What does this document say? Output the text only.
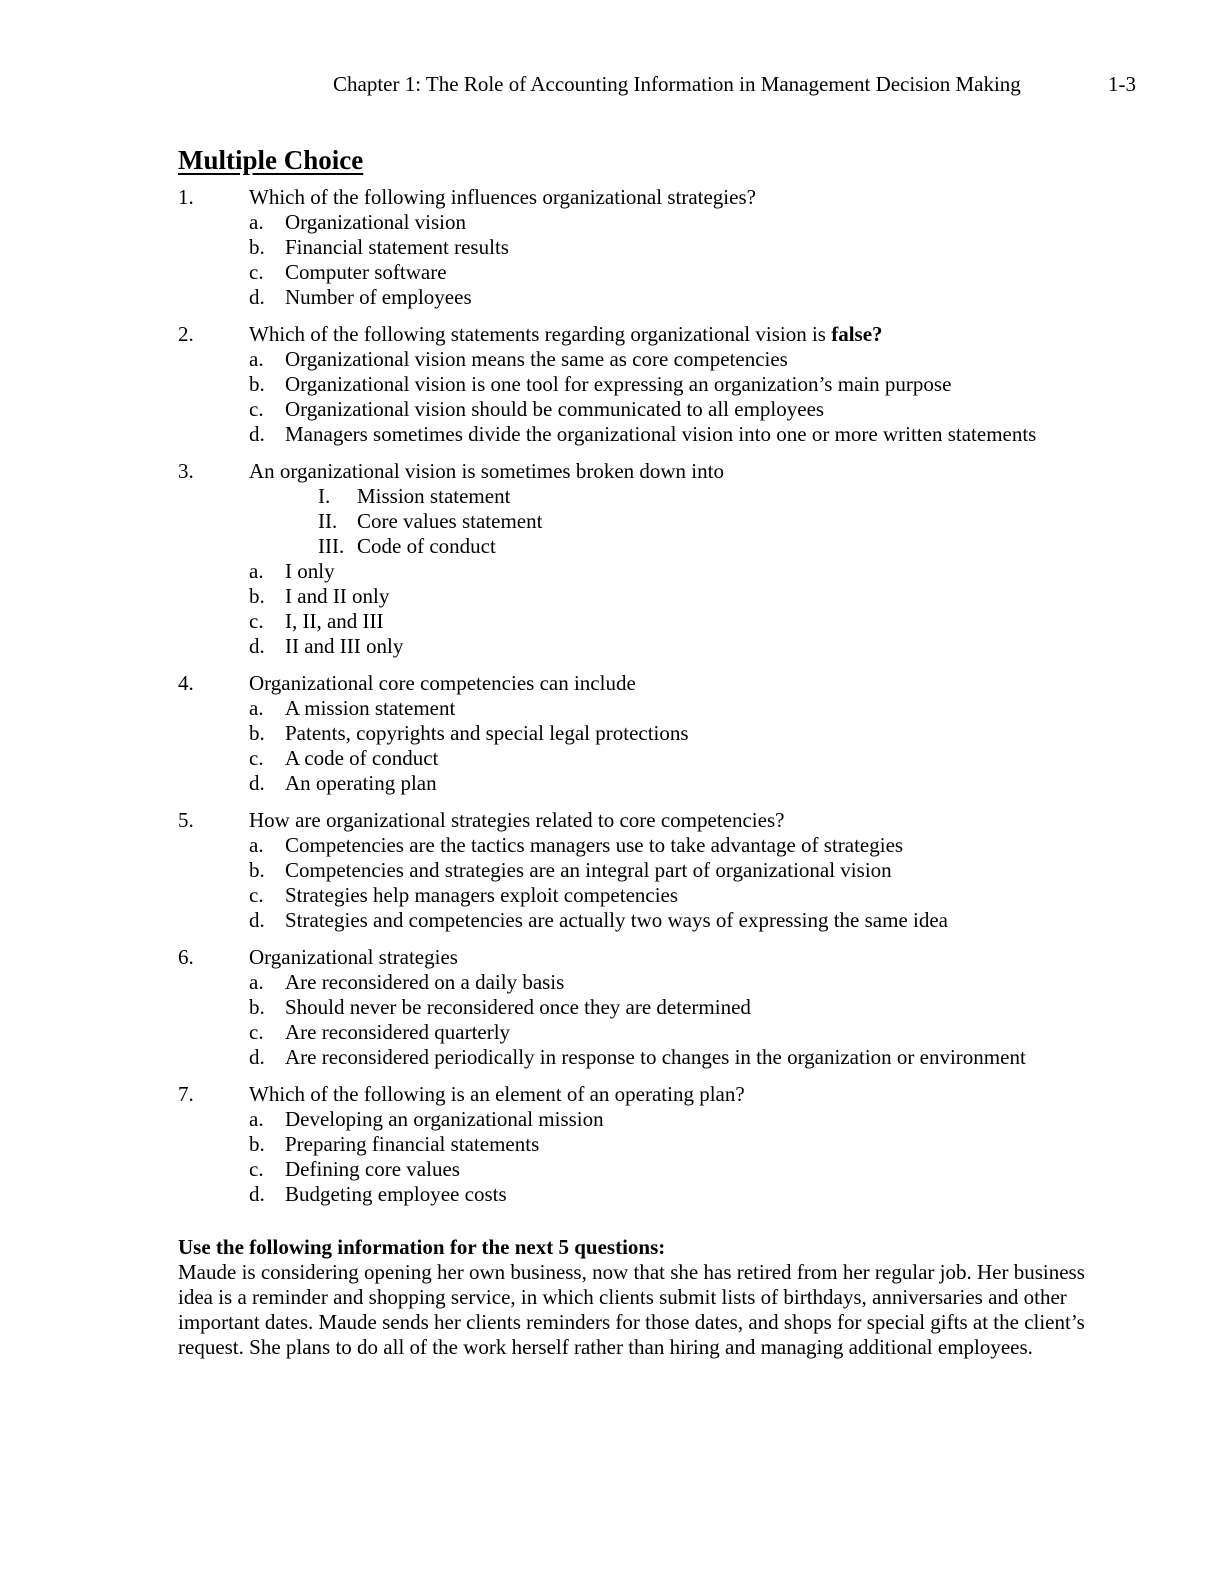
Chapter 1: The Role of Accounting Information in Management Decision Making	1-3
Multiple Choice
1.	Which of the following influences organizational strategies?
a. Organizational vision
b. Financial statement results
c. Computer software
d. Number of employees
2.	Which of the following statements regarding organizational vision is false?
a. Organizational vision means the same as core competencies
b. Organizational vision is one tool for expressing an organization’s main purpose
c. Organizational vision should be communicated to all employees
d. Managers sometimes divide the organizational vision into one or more written statements
3.	An organizational vision is sometimes broken down into
I. Mission statement
II. Core values statement
III. Code of conduct
a. I only
b. I and II only
c. I, II, and III
d. II and III only
4.	Organizational core competencies can include
a. A mission statement
b. Patents, copyrights and special legal protections
c. A code of conduct
d. An operating plan
5.	How are organizational strategies related to core competencies?
a. Competencies are the tactics managers use to take advantage of strategies
b. Competencies and strategies are an integral part of organizational vision
c. Strategies help managers exploit competencies
d. Strategies and competencies are actually two ways of expressing the same idea
6.	Organizational strategies
a. Are reconsidered on a daily basis
b. Should never be reconsidered once they are determined
c. Are reconsidered quarterly
d. Are reconsidered periodically in response to changes in the organization or environment
7.	Which of the following is an element of an operating plan?
a. Developing an organizational mission
b. Preparing financial statements
c. Defining core values
d. Budgeting employee costs
Use the following information for the next 5 questions:
Maude is considering opening her own business, now that she has retired from her regular job. Her business
idea is a reminder and shopping service, in which clients submit lists of birthdays, anniversaries and other
important dates. Maude sends her clients reminders for those dates, and shops for special gifts at the client’s
request. She plans to do all of the work herself rather than hiring and managing additional employees.
